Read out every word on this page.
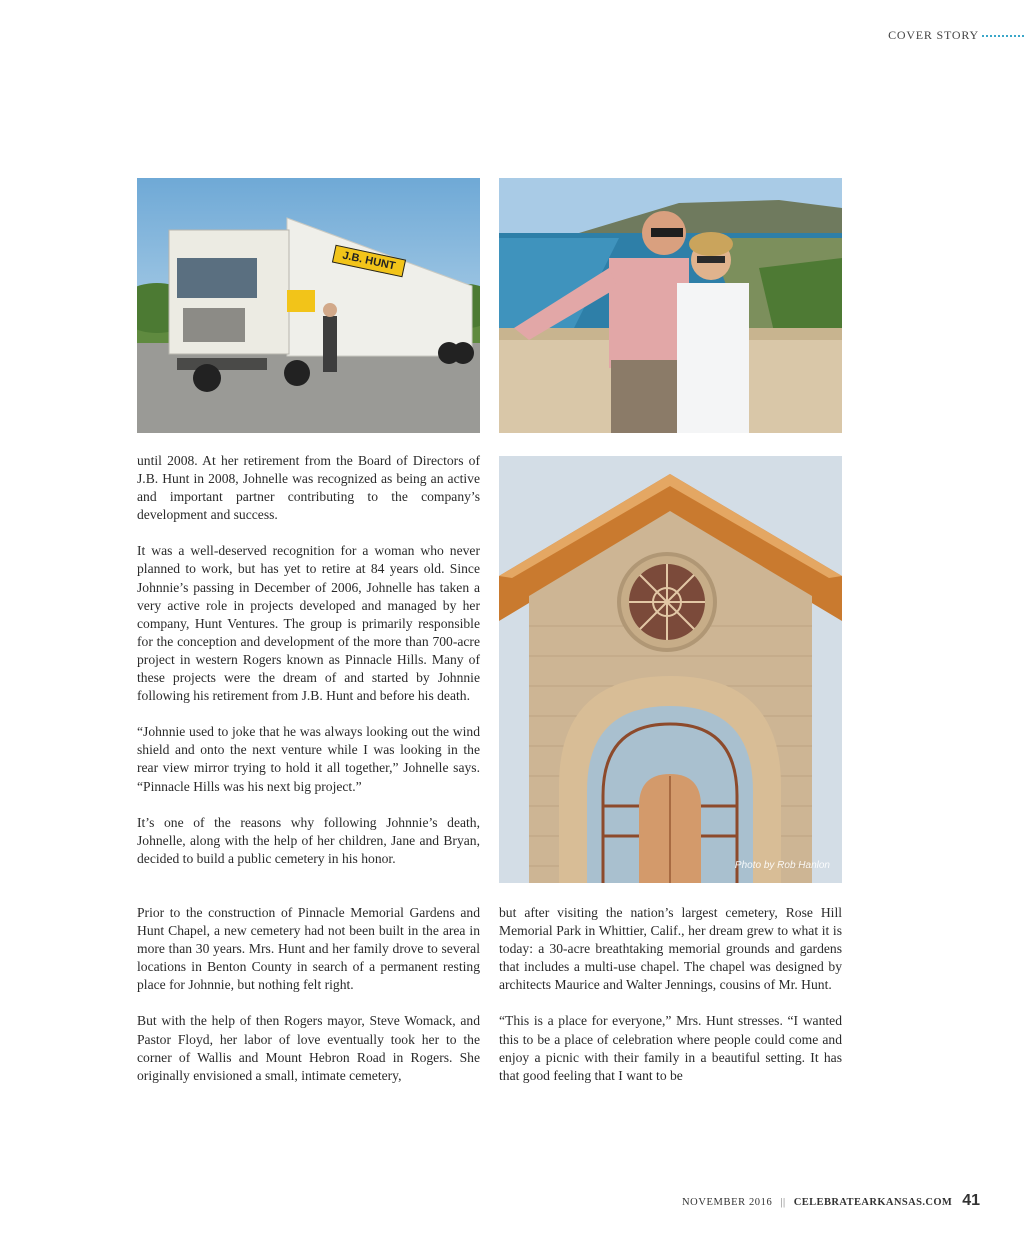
COVER STORY
J.B. HUNT
Photo by Rob Hanlon

until 2008. At her retirement from the Board of Directors of J.B. Hunt in 2008, Johnelle was recognized as being an active and important partner contributing to the company’s development and success.

It was a well-deserved recognition for a woman who never planned to work, but has yet to retire at 84 years old. Since Johnnie’s passing in December of 2006, Johnelle has taken a very active role in projects developed and managed by her company, Hunt Ventures. The group is primarily responsible for the conception and development of the more than 700-acre project in western Rogers known as Pinnacle Hills. Many of these projects were the dream of and started by Johnnie following his retirement from J.B. Hunt and before his death.

“Johnnie used to joke that he was always looking out the wind shield and onto the next venture while I was looking in the rear view mirror trying to hold it all together,” Johnelle says. “Pinnacle Hills was his next big project.”

It’s one of the reasons why following Johnnie’s death, Johnelle, along with the help of her children, Jane and Bryan, decided to build a public cemetery in his honor.

Prior to the construction of Pinnacle Memorial Gardens and Hunt Chapel, a new cemetery had not been built in the area in more than 30 years. Mrs. Hunt and her family drove to several locations in Benton County in search of a permanent resting place for Johnnie, but nothing felt right.

But with the help of then Rogers mayor, Steve Womack, and Pastor Floyd, her labor of love eventually took her to the corner of Wallis and Mount Hebron Road in Rogers. She originally envisioned a small, intimate cemetery,

but after visiting the nation’s largest cemetery, Rose Hill Memorial Park in Whittier, Calif., her dream grew to what it is today: a 30-acre breathtaking memorial grounds and gardens that includes a multi-use chapel. The chapel was designed by architects Maurice and Walter Jennings, cousins of Mr. Hunt.

“This is a place for everyone,” Mrs. Hunt stresses. “I wanted this to be a place of celebration where people could come and enjoy a picnic with their family in a beautiful setting. It has that good feeling that I want to be

NOVEMBER 2016 || CELEBRATEARKANSAS.COM 41
